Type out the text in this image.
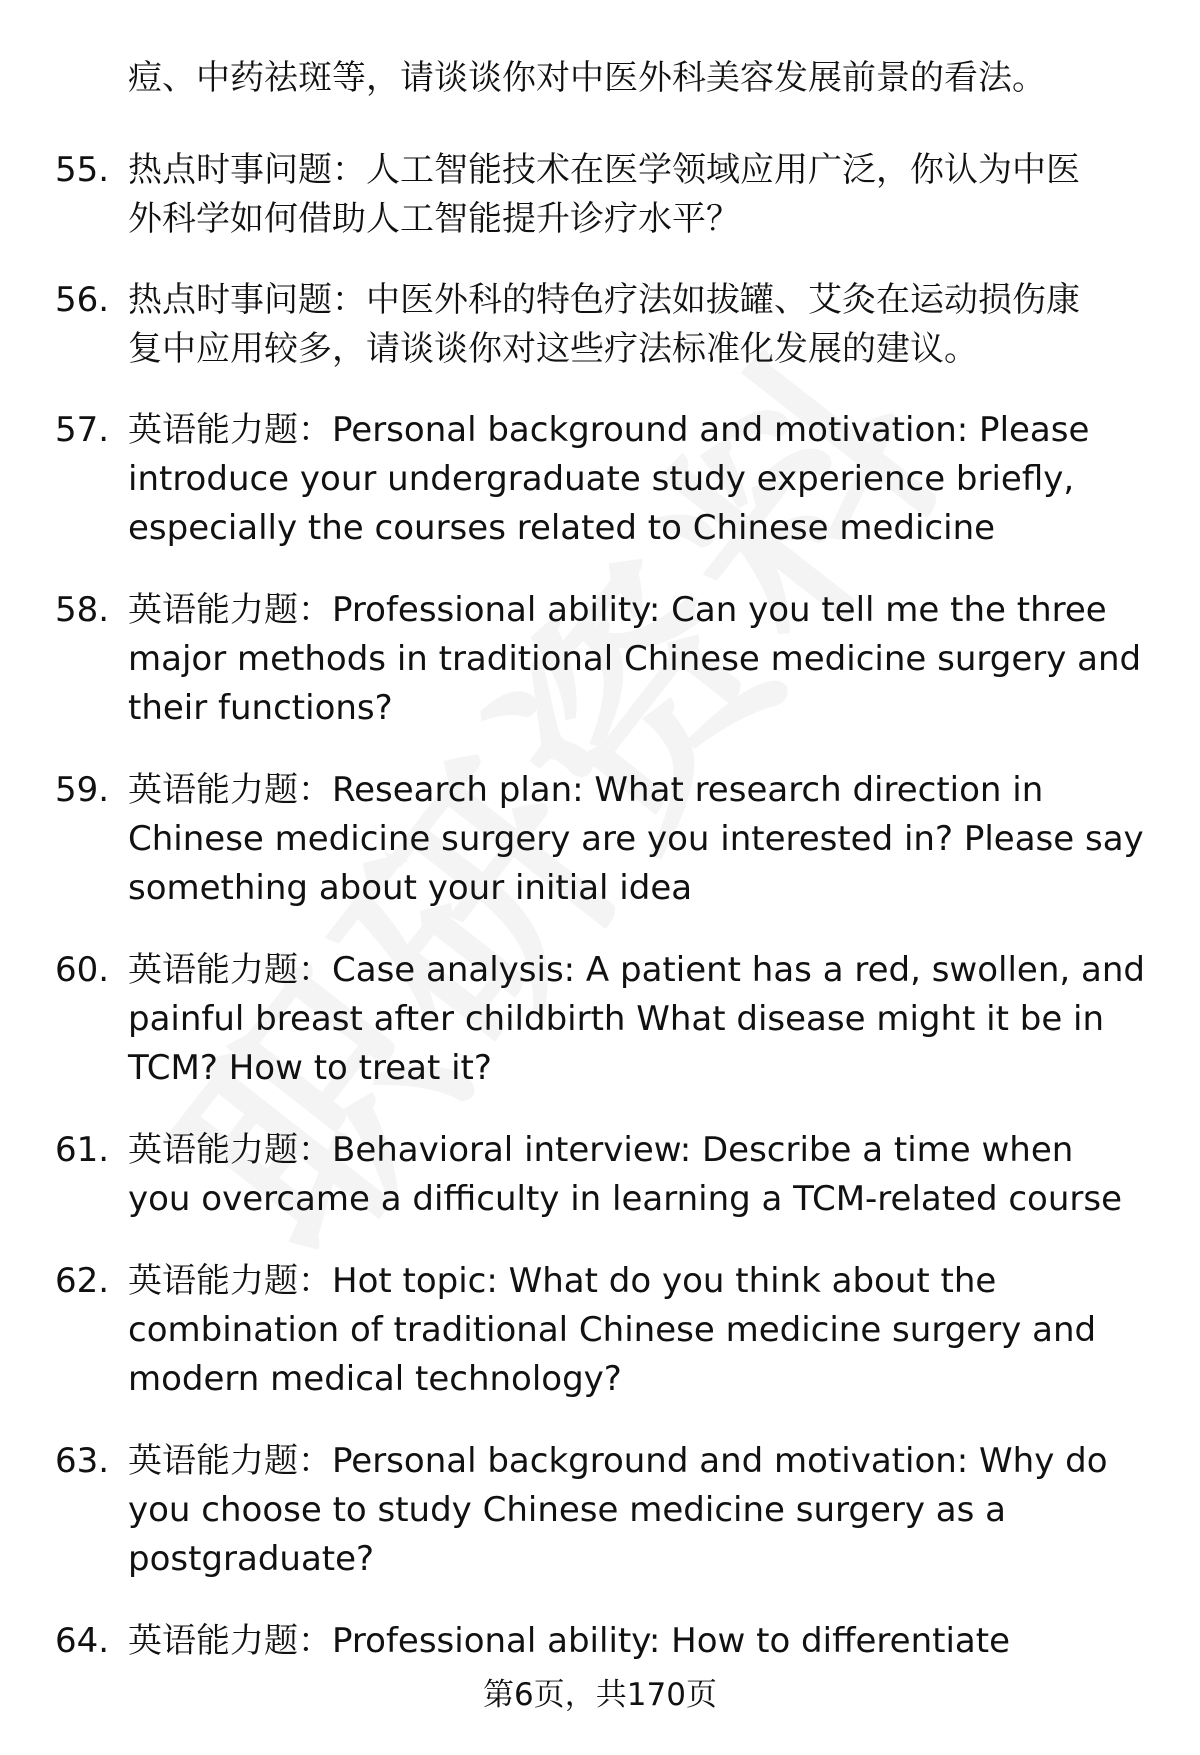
痘、中药祛斑等，请谈谈你对中医外科美容发展前景的看法。
55. 热点时事问题：人工智能技术在医学领域应用广泛，你认为中医
外科学如何借助人工智能提升诊疗水平？
56. 热点时事问题：中医外科的特色疗法如拔罐、艾灸在运动损伤康
复中应用较多，请谈谈你对这些疗法标准化发展的建议。
57. 英语能力题：Personal background and motivation: Please
introduce your undergraduate study experience briefly,
especially the courses related to Chinese medicine
58. 英语能力题：Professional ability: Can you tell me the three
major methods in traditional Chinese medicine surgery and
their functions?
59. 英语能力题：Research plan: What research direction in
Chinese medicine surgery are you interested in? Please say
something about your initial idea
60. 英语能力题：Case analysis: A patient has a red, swollen, and
painful breast after childbirth What disease might it be in
TCM? How to treat it?
61. 英语能力题：Behavioral interview: Describe a time when
you overcame a difficulty in learning a TCM-related course
62. 英语能力题：Hot topic: What do you think about the
combination of traditional Chinese medicine surgery and
modern medical technology?
63. 英语能力题：Personal background and motivation: Why do
you choose to study Chinese medicine surgery as a
postgraduate?
64. 英语能力题：Professional ability: How to differentiate
第6页，共170页
